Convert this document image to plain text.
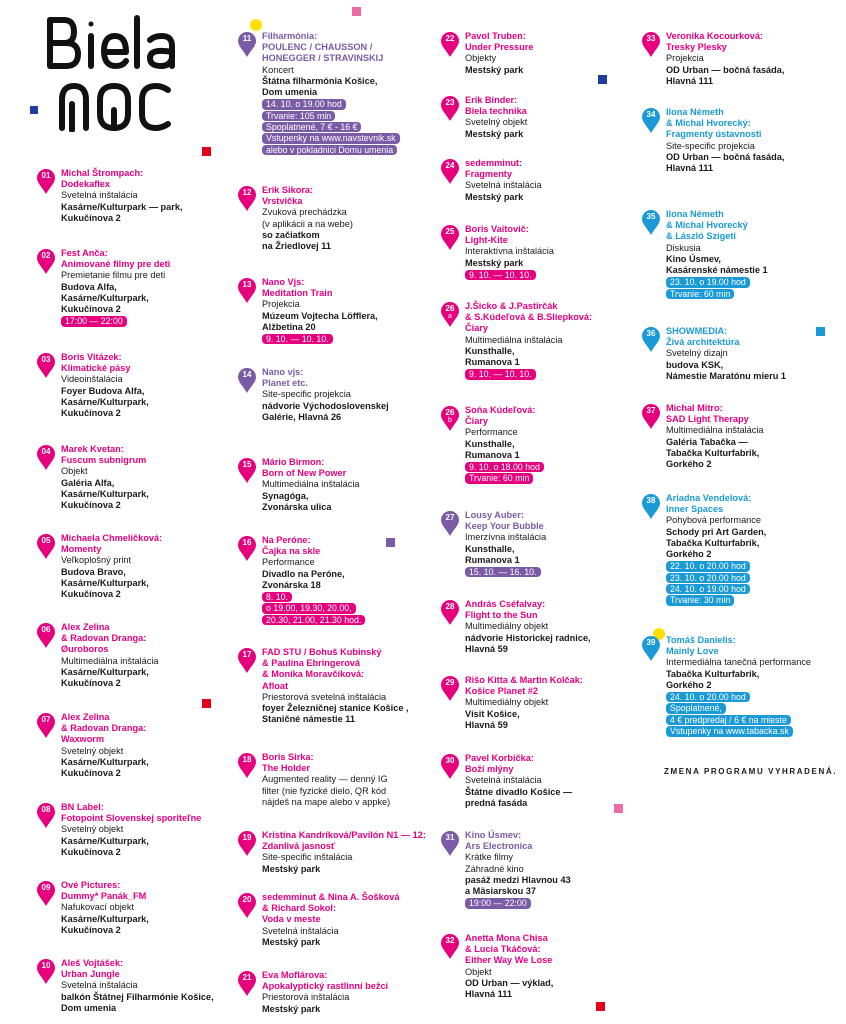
01	Michal Štrompach:
Dodekaflex
Svetelná inštalácia
Kasárne/Kulturpark — park,
Kukučínova 2
02	Fest Anča:
Animované filmy pre deti
Premietanie filmu pre deti
Budova Alfa,
Kasárne/Kulturpark,
Kukučínova 2
17:00 — 22:00
03	Boris Vitázek:
Klimatické pásy
Videoinštalácia
Foyer Budova Alfa,
Kasárne/Kulturpark,
Kukučínova 2
04	Marek Kvetan:
Fuscum subnigrum
Objekt
Galéria Alfa,
Kasárne/Kulturpark,
Kukučínova 2
05	Michaela Chmeličková:
Momenty
Veľkoplošný print
Budova Bravo,
Kasárne/Kulturpark,
Kukučínova 2
06	Alex Zelina
& Radovan Dranga:
Øuroboros
Multimediálna inštalácia
Kasárne/Kulturpark,
Kukučínova 2
07	Alex Zelina
& Radovan Dranga:
Waxworm
Svetelný objekt
Kasárne/Kulturpark,
Kukučínova 2
08	BN Label:
Fotopoint Slovenskej sporiteľne
Svetelný objekt
Kasárne/Kulturpark,
Kukučínova 2
09	Ové Pictures:
Dummy* Panák_FM
Nafukovací objekt
Kasárne/Kulturpark,
Kukučínova 2
10	Aleš Vojtášek:
Urban Jungle
Svetelná inštalácia
balkón Štátnej Filharmónie Košice,
Dom umenia
11	Filharmónia:
POULENC / CHAUSSON /
HONEGGER / STRAVINSKIJ
Koncert
Štátna filharmónia Košice,
Dom umenia
14. 10. o 19.00 hod
Trvanie: 105 min
Spoplatnené, 7 € - 16 €
Vstupenky na www.navstevnik.sk
alebo v pokladnici Domu umenia
12	Erik Sikora:
Vrstvička
Zvuková prechádzka
(v aplikácii a na webe)
so začiatkom
na Žriedlovej 11
13	Nano Vjs:
Meditation Train
Projekcia
Múzeum Vojtecha Löfflera,
Alžbetina 20
9. 10. — 10. 10.
14	Nano vjs:
Planet etc.
Site-specific projekcia
nádvorie Východoslovenskej
Galérie, Hlavná 26
15	Mário Birmon:
Born of New Power
Multimediálna inštalácia
Synagóga,
Zvonárska ulica
16	Na Peróne:
Čajka na skle
Performance
Divadlo na Peróne,
Zvonárska 18
8. 10.
o 19.00, 19.30, 20.00,
20.30, 21.00, 21.30 hod.
17	FAD STU / Bohuš Kubinský
& Paulína Ebringerová
& Monika Moravčíková:
Afloat
Priestorová svetelná inštalácia
foyer Železničnej stanice Košice ,
Staničné námestie 11
18	Boris Sirka:
The Holder
Augmented reality — denný IG
filter (nie fyzické dielo, QR kód
nájdeš na mape alebo v appke)
19	Kristína Kandríková/Pavilón N1 — 12:
Zdanlivá jasnosť
Site-specific inštalácia
Mestský park
20	sedemminut & Nina A. Šošková
& Richard Sokol:
Voda v meste
Svetelná inštalácia
Mestský park
21	Eva Moflárova:
Apokalyptický rastlinní bežci
Priestorová inštalácia
Mestský park
22	Pavol Truben:
Under Pressure
Objekty
Mestský park
23	Erik Binder:
Biela technika
Svetelný objekt
Mestský park
24	sedemminut:
Fragmenty
Svetelná inštalácia
Mestský park
25	Boris Vaitovič:
Light-Kite
Interaktívna inštalácia
Mestský park
9. 10. — 10. 10.
26
a
J.Šicko & J.Pastirčák
& S.Kúdeľová & B.Sliepková:
Čiary
Multimediálna inštalácia
Kunsthalle,
Rumanova 1
9. 10. — 10. 10.
26
b
Soňa Kúdeľová:
Čiary
Performance
Kunsthalle,
Rumanova 1
9. 10. o 18.00 hod
Trvanie: 60 min
27	Lousy Auber:
Keep Your Bubble
Imerzívna inštalácia
Kunsthalle,
Rumanova 1
15. 10. — 16. 10.
28	András Cséfalvay:
Flight to the Sun
Multimediálny objekt
nádvorie Historickej radnice,
Hlavná 59
29	Rišo Kitta & Martin Kolčak:
Košice Planet #2
Multimediálny objekt
Vísit Košice,
Hlavná 59
30	Pavel Korbička:
Boží mlýny
Svetelná inštalácia
Štátne divadlo Košice —
predná fasáda
31	Kino Úsmev:
Ars Electronica
Krátke filmy
Záhradné kino
pasáž medzi Hlavnou 43
a Mäsiarskou 37
19:00 — 22:00
32	Anetta Mona Chisa
& Lucia Tkáčová:
Either Way We Lose
Objekt
OD Urban — výklad,
Hlavná 111
33	Veronika Kocourková:
Tresky Plesky
Projekcia
OD Urban — bočná fasáda,
Hlavná 111
34	Ilona Németh
& Michal Hvorecký:
Fragmenty ústavnosti
Site-specific projekcia
OD Urban — bočná fasáda,
Hlavná 111
35	Ilona Németh
& Michal Hvorecký
& László Szigeti
Diskusia
Kino Úsmev,
Kasárenské námestie 1
23. 10. o 19.00 hod
Trvanie: 60 min
36	SHOWMEDIA:
Živá architektúra
Svetelný dizajn
budova KSK,
Námestie Maratónu mieru 1
37	Michal Mitro:
SAD Light Therapy
Multimediálna inštalácia
Galéria Tabačka —
Tabačka Kulturfabrik,
Gorkého 2
38	Ariadna Vendelová:
Inner Spaces
Pohybová performance
Schody pri Art Garden,
Tabačka Kulturfabrik,
Gorkého 2
22. 10. o 20.00 hod
23. 10. o 20.00 hod
24. 10. o 19.00 hod
Trvanie: 30 min
39	Tomáš Danielis:
Mainly Love
Intermediálna tanečná performance
Tabačka Kulturfabrik,
Gorkého 2
24. 10. o 20.00 hod
Spoplatnené,
4 € predpredaj / 6 € na mieste
Vstupenky na www.tabacka.sk
ZMENA PROGRAMU VYHRADENÁ.
